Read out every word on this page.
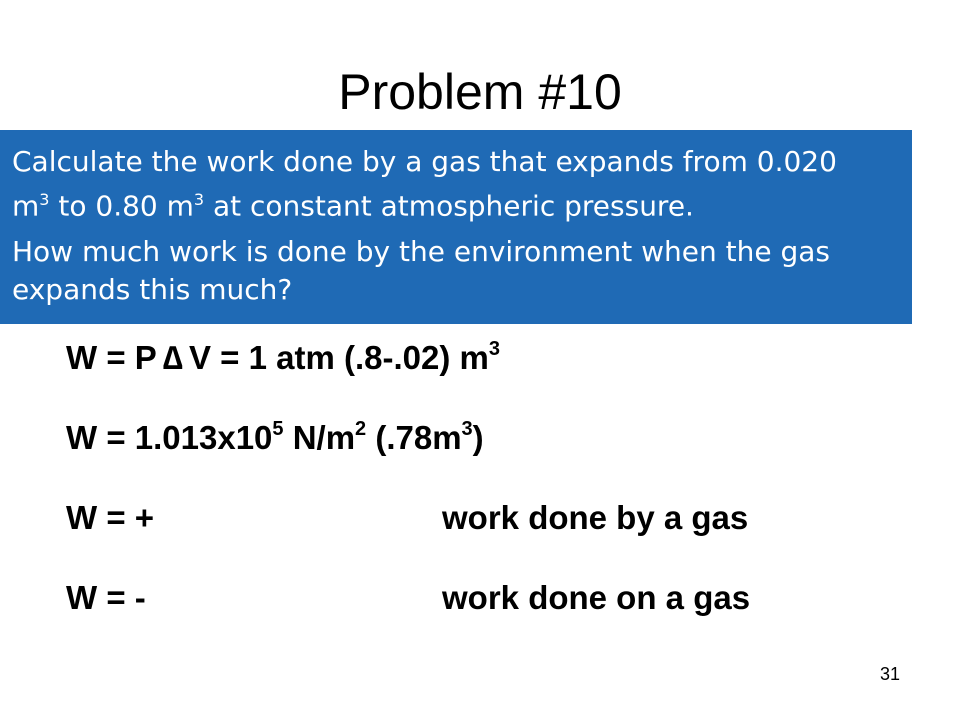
Problem #10

Calculate the work done by a gas that expands from 0.020

$m^3$ to 0.80 $m^3$ at constant atmospheric pressure.

How much work is done by the environment when the gas

expands this much?

W = P ∆ V = 1 atm (.8-.02) $m^3$
$W = 1.013x10^5$ $N/m^2$ $(.78m^3)$
W = +	work done by a gas
W = -	work done on a gas
31
